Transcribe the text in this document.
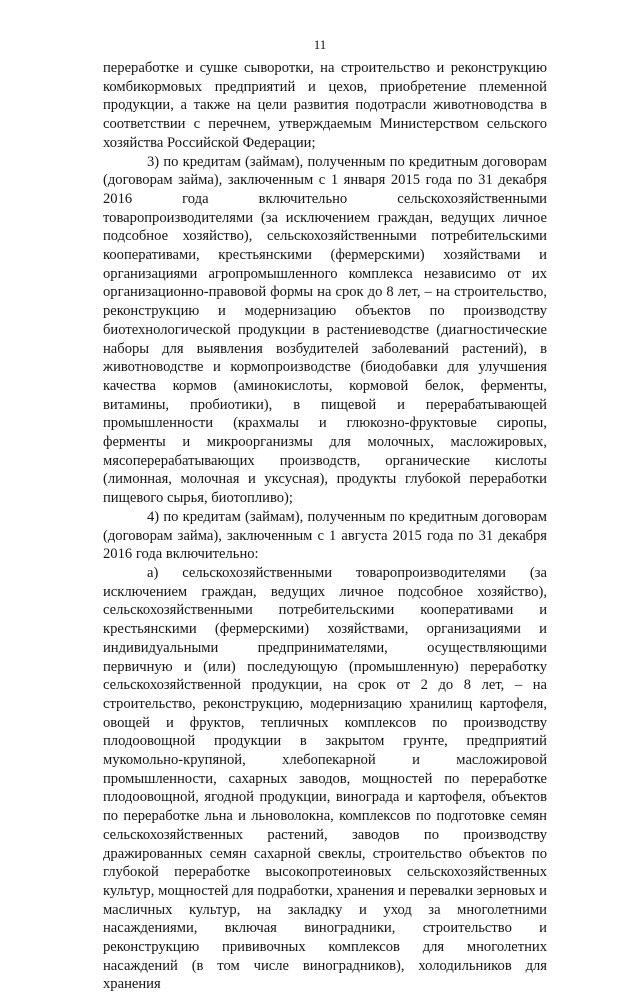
11

переработке и сушке сыворотки, на строительство и реконструкцию комбикормовых предприятий и цехов, приобретение племенной продукции, а также на цели развития подотрасли животноводства в соответствии с перечнем, утверждаемым Министерством сельского хозяйства Российской Федерации;

3) по кредитам (займам), полученным по кредитным договорам (договорам займа), заключенным с 1 января 2015 года по 31 декабря 2016 года включительно сельскохозяйственными товаропроизводителями (за исключением граждан, ведущих личное подсобное хозяйство), сельскохозяйственными потребительскими кооперативами, крестьянскими (фермерскими) хозяйствами и организациями агропромышленного комплекса независимо от их организационно-правовой формы на срок до 8 лет, – на строительство, реконструкцию и модернизацию объектов по производству биотехнологической продукции в растениеводстве (диагностические наборы для выявления возбудителей заболеваний растений), в животноводстве и кормопроизводстве (биодобавки для улучшения качества кормов (аминокислоты, кормовой белок, ферменты, витамины, пробиотики), в пищевой и перерабатывающей промышленности (крахмалы и глюкозно-фруктовые сиропы, ферменты и микроорганизмы для молочных, масложировых, мясоперерабатывающих производств, органические кислоты (лимонная, молочная и уксусная), продукты глубокой переработки пищевого сырья, биотопливо);

4) по кредитам (займам), полученным по кредитным договорам (договорам займа), заключенным с 1 августа 2015 года по 31 декабря 2016 года включительно:

а) сельскохозяйственными товаропроизводителями (за исключением граждан, ведущих личное подсобное хозяйство), сельскохозяйственными потребительскими кооперативами и крестьянскими (фермерскими) хозяйствами, организациями и индивидуальными предпринимателями, осуществляющими первичную и (или) последующую (промышленную) переработку сельскохозяйственной продукции, на срок от 2 до 8 лет, – на строительство, реконструкцию, модернизацию хранилищ картофеля, овощей и фруктов, тепличных комплексов по производству плодоовощной продукции в закрытом грунте, предприятий мукомольно-крупяной, хлебопекарной и масложировой промышленности, сахарных заводов, мощностей по переработке плодоовощной, ягодной продукции, винограда и картофеля, объектов по переработке льна и льноволокна, комплексов по подготовке семян сельскохозяйственных растений, заводов по производству дражированных семян сахарной свеклы, строительство объектов по глубокой переработке высокопротеиновых сельскохозяйственных культур, мощностей для подработки, хранения и перевалки зерновых и масличных культур, на закладку и уход за многолетними насаждениями, включая виноградники, строительство и реконструкцию прививочных комплексов для многолетних насаждений (в том числе виноградников), холодильников для хранения
